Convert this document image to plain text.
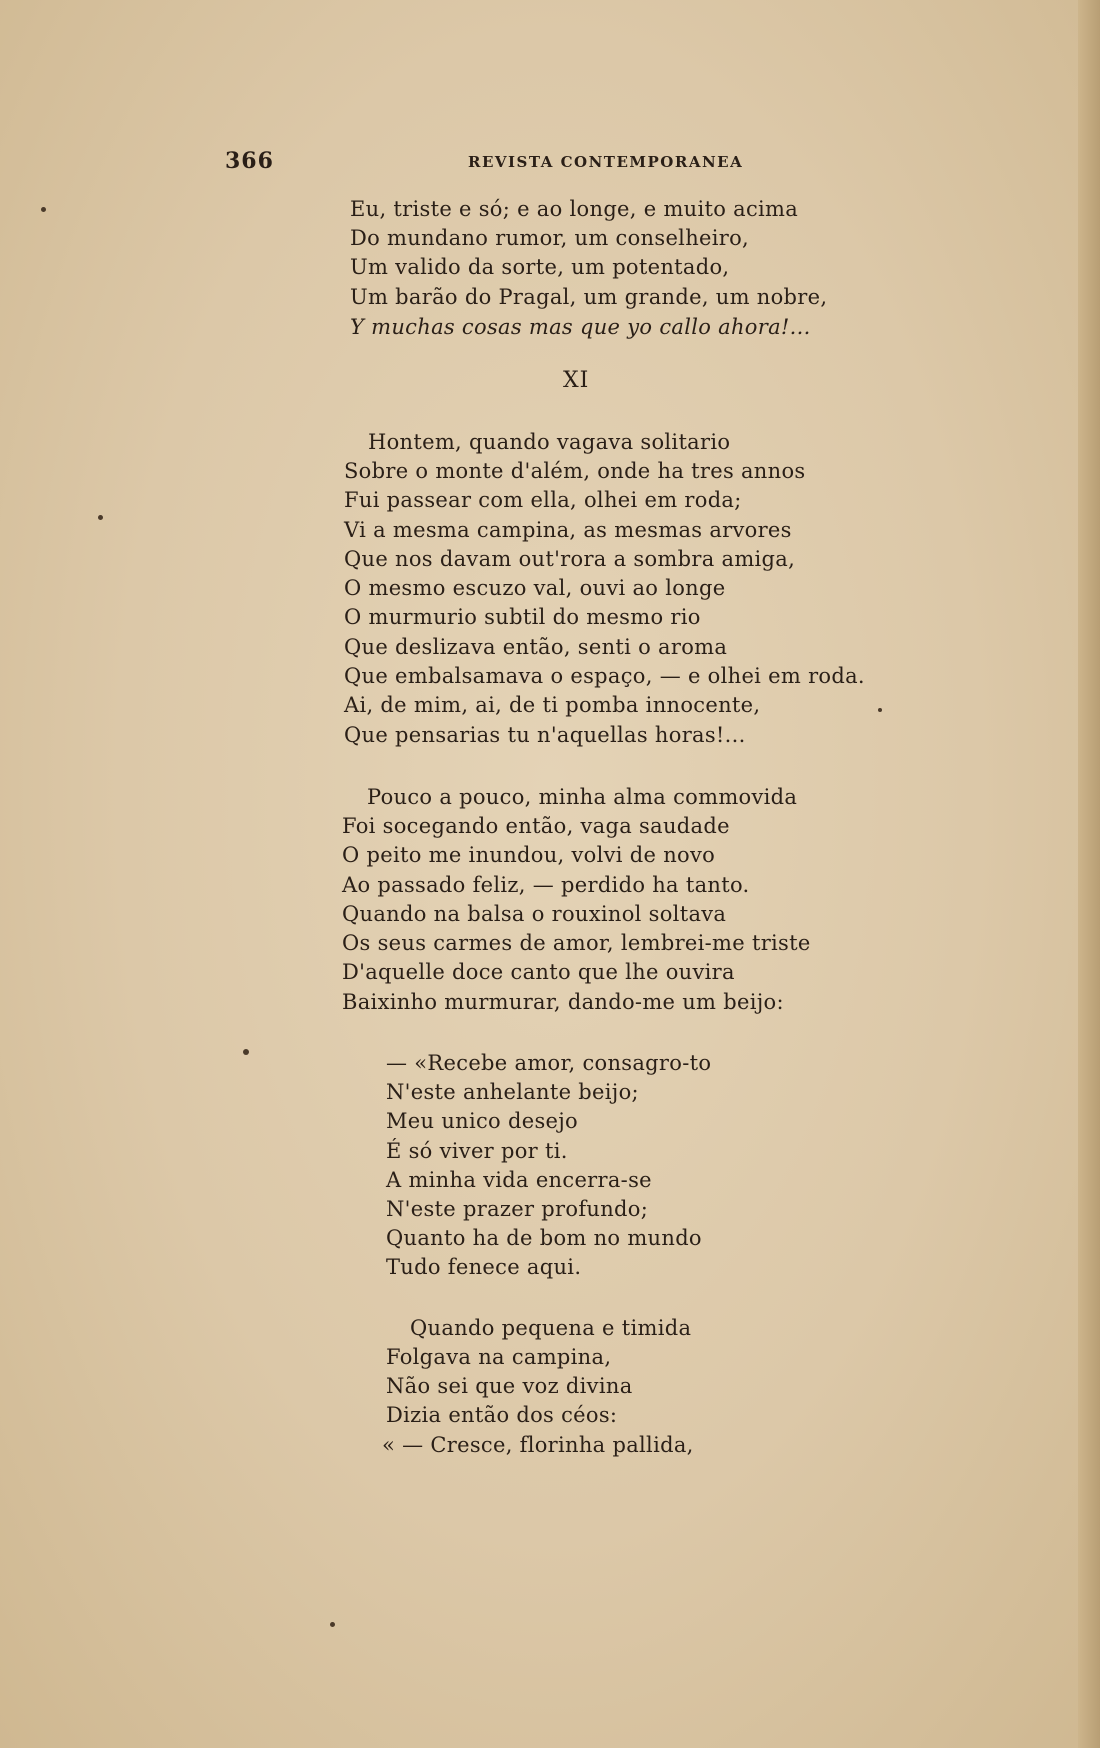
366	REVISTA CONTEMPORANEA
Eu, triste e só; e ao longe, e muito acima
Do mundano rumor, um conselheiro,
Um valido da sorte, um potentado,
Um barão do Pragal, um grande, um nobre,
Y muchas cosas mas que yo callo ahora!...
XI
Hontem, quando vagava solitario
Sobre o monte d'além, onde ha tres annos
Fui passear com ella, olhei em roda;
Vi a mesma campina, as mesmas arvores
Que nos davam out'rora a sombra amiga,
O mesmo escuzo val, ouvi ao longe
O murmurio subtil do mesmo rio
Que deslizava então, senti o aroma
Que embalsamava o espaço, — e olhei em roda.
Ai, de mim, ai, de ti pomba innocente,
Que pensarias tu n'aquellas horas!...
Pouco a pouco, minha alma commovida
Foi socegando então, vaga saudade
O peito me inundou, volvi de novo
Ao passado feliz, — perdido ha tanto.
Quando na balsa o rouxinol soltava
Os seus carmes de amor, lembrei-me triste
D'aquelle doce canto que lhe ouvira
Baixinho murmurar, dando-me um beijo:
— «Recebe amor, consagro-to
N'este anhelante beijo;
Meu unico desejo
É só viver por ti.
A minha vida encerra-se
N'este prazer profundo;
Quanto ha de bom no mundo
Tudo fenece aqui.
Quando pequena e timida
Folgava na campina,
Não sei que voz divina
Dizia então dos céos:
« — Cresce, florinha pallida,
